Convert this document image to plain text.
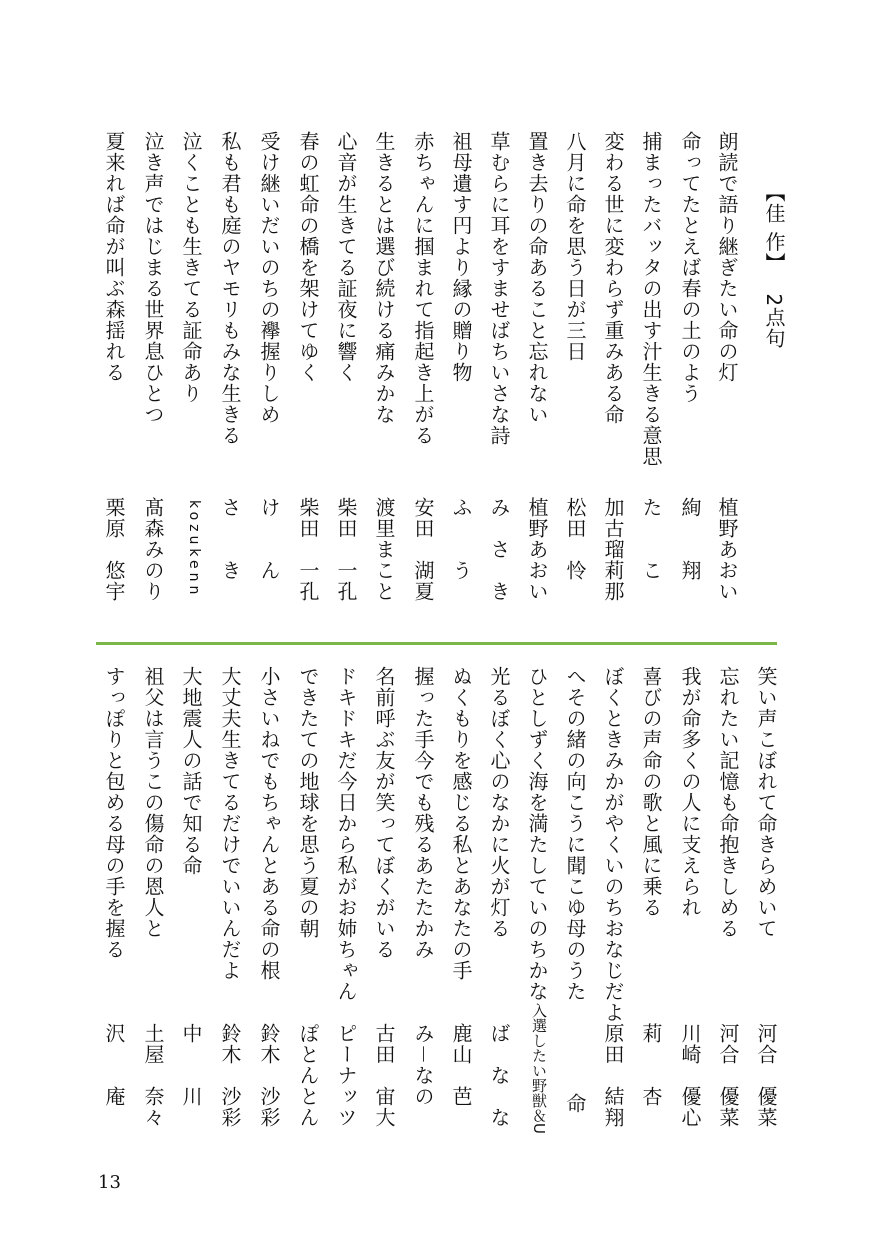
【佳 作】2点句
朗読で語り継ぎたい命の灯
命ってたとえば春の土のよう
捕まったバッタの出す汁生きる意思
変わる世に変わらず重みある命
八月に命を思う日が三日
置き去りの命あること忘れない
草むらに耳をすませばちいさな詩
祖母遺す円より縁の贈り物
赤ちゃんに掴まれて指起き上がる
生きるとは選び続ける痛みかな
心音が生きてる証夜に響く
春の虹命の橋を架けてゆく
受け継いだいのちの襷握りしめ
私も君も庭のヤモリもみな生きる
泣くことも生きてる証命あり
泣き声ではじまる世界息ひとつ
夏来れば命が叫ぶ森揺れる
植野あおい
絢　　翔
た　　こ
加古瑠莉那
松田　怜
植野あおい
み　さ　き
ふ　　う
安田　湖夏
渡里まこと
柴田　一孔
柴田　一孔
け　　ん
さ　　き
kozukenn
髙森みのり
栗原　悠宇
笑い声こぼれて命きらめいて
忘れたい記憶も命抱きしめる
我が命多くの人に支えられ
喜びの声命の歌と風に乗る
ぼくときみかがやくいのちおなじだよ
へその緒の向こうに聞こゆ母のうた
ひとしずく海を満たしていのちかな
光るぼく心のなかに火が灯る
ぬくもりを感じる私とあなたの手
握った手今でも残るあたたかみ
名前呼ぶ友が笑ってぼくがいる
ドキドキだ今日から私がお姉ちゃん
できたての地球を思う夏の朝
小さいねでもちゃんとある命の根
大丈夫生きてるだけでいいんだよ
大地震人の話で知る命
祖父は言うこの傷命の恩人と
すっぽりと包める母の手を握る
河合　優菜
河合　優菜
川崎　優心
莉　　杏
原田　結翔
命
入選したい野獣＆U
ば　な　な
鹿山　芭
み－なの
古田　宙大
ピーナッツ
ぽとんとん
鈴木　沙彩
鈴木　沙彩
中　　川
土屋　奈々
沢　　庵
13
